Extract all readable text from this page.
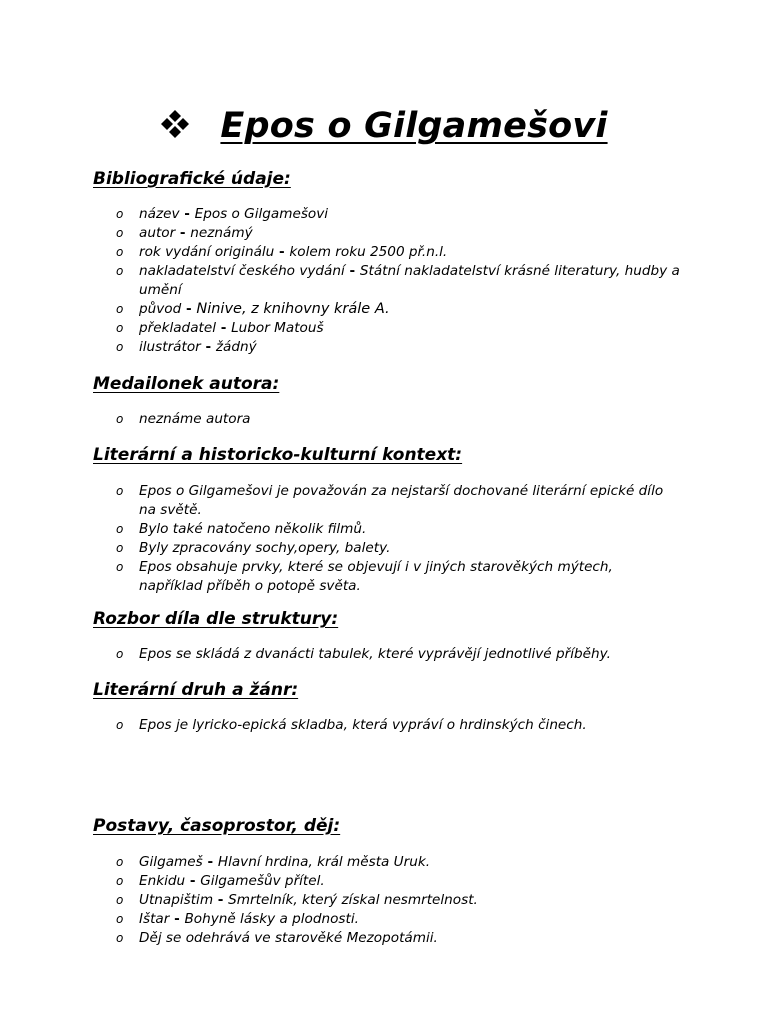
Epos o Gilgamešovi
Bibliografické údaje:
o název - Epos o Gilgamešovi
o autor - neznámý
o rok vydání originálu - kolem roku 2500 př.n.l.
o nakladatelství českého vydání - Státní nakladatelství krásné literatury, hudby a umění
o původ - Ninive, z knihovny krále A.
o překladatel - Lubor Matouš
o ilustrátor - žádný
Medailonek autora:
o neznáme autora
Literární a historicko-kulturní kontext:
o Epos o Gilgamešovi je považován za nejstarší dochované literární epické dílo na světě.
o Bylo také natočeno několik filmů.
o Byly zpracovány sochy,opery, balety.
o Epos obsahuje prvky, které se objevují i v jiných starověkých mýtech, například příběh o potopě světa.
Rozbor díla dle struktury:
o Epos se skládá z dvanácti tabulek, které vyprávějí jednotlivé příběhy.
Literární druh a žánr:
o Epos je lyricko-epická skladba, která vypráví o hrdinských činech.
Postavy, časoprostor, děj:
o Gilgameš - Hlavní hrdina, král města Uruk.
o Enkidu - Gilgamešův přítel.
o Utnapištim - Smrtelník, který získal nesmrtelnost.
o Ištar - Bohyně lásky a plodnosti.
o Děj se odehrává ve starověké Mezopotámii.
